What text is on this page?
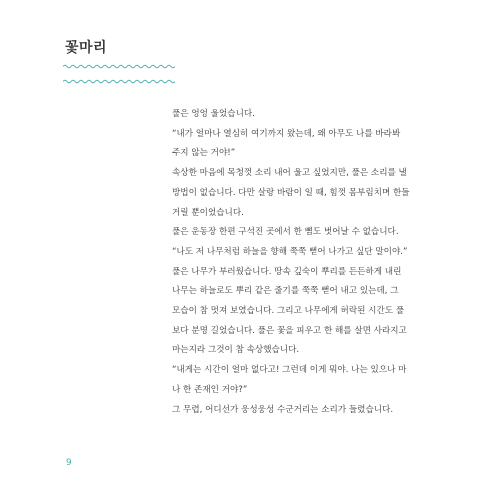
꽃마리
풀은 엉엉 울었습니다.
“내가 얼마나 열심히 여기까지 왔는데, 왜 아무도 나를 바라봐
주지 않는 거야!”
속상한 마음에 목청껏 소리 내어 울고 싶었지만, 풀은 소리를 낼
방법이 없습니다. 다만 살랑 바람이 일 때, 힘껏 몸부림치며 한들
거릴 뿐이었습니다.
풀은 운동장 한편 구석진 곳에서 한 뼘도 벗어날 수 없습니다.
“나도 저 나무처럼 하늘을 향해 쭉쭉 뻗어 나가고 싶단 말이야.”
풀은 나무가 부러웠습니다. 땅속 깊숙이 뿌리를 든든하게 내린
나무는 하늘로도 뿌리 같은 줄기를 쭉쭉 뻗어 내고 있는데, 그
모습이 참 멋져 보였습니다. 그리고 나무에게 허락된 시간도 풀
보다 분명 길었습니다. 풀은 꽃을 피우고 한 해를 살면 사라지고
마는지라 그것이 참 속상했습니다.
“내게는 시간이 얼마 없다고! 그런데 이게 뭐야. 나는 있으나 마
나 한 존재인 거야?”
그 무렵, 어디선가 웅성웅성 수군거리는 소리가 들렸습니다.
9
